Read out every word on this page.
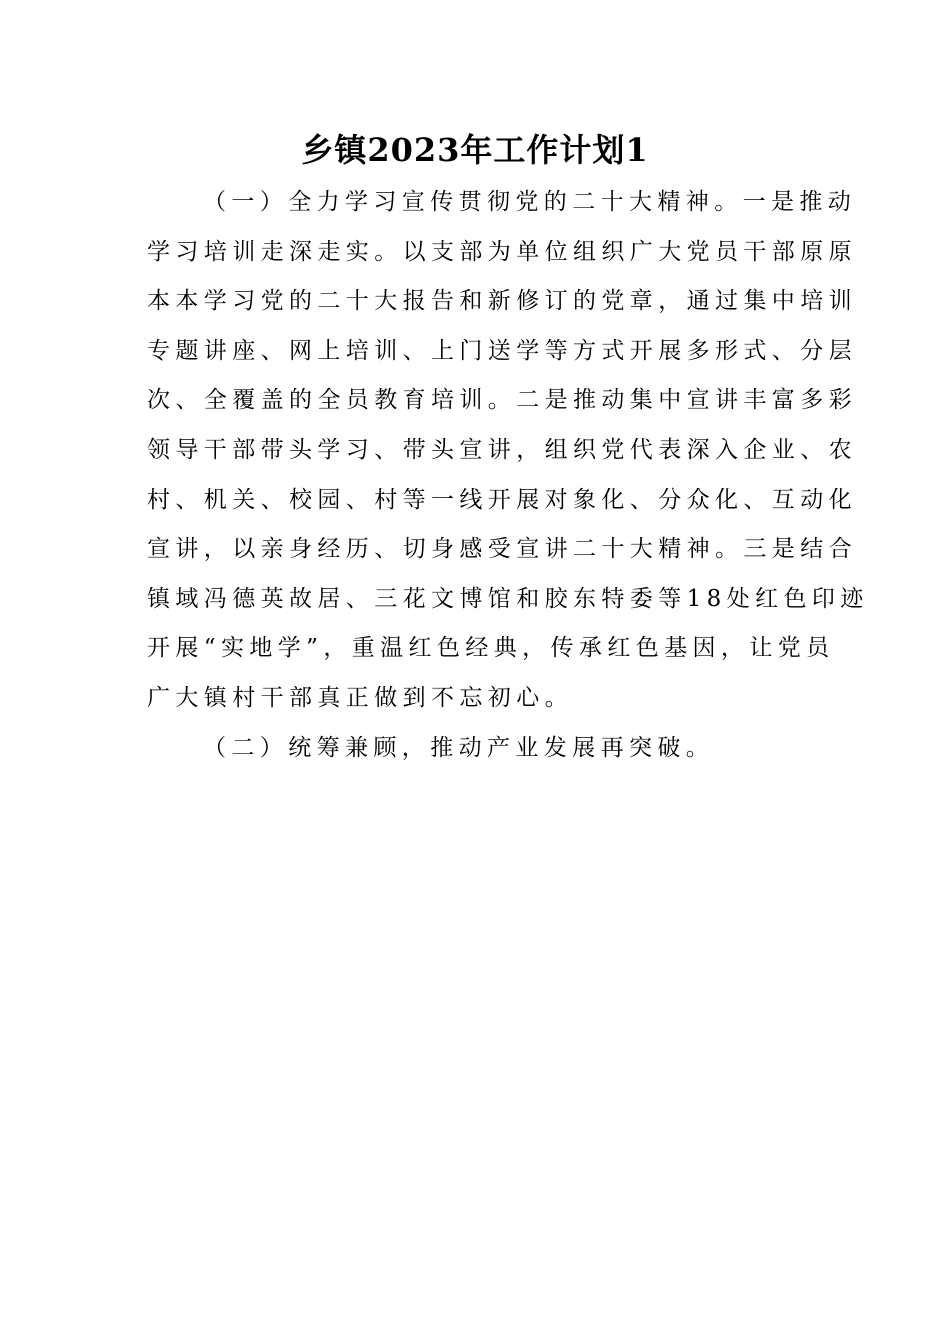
乡镇2023年工作计划1

（一）全力学习宣传贯彻党的二十大精神。一是推动
学习培训走深走实。以支部为单位组织广大党员干部原原
本本学习党的二十大报告和新修订的党章，通过集中培训
专题讲座、网上培训、上门送学等方式开展多形式、分层
次、全覆盖的全员教育培训。二是推动集中宣讲丰富多彩
领导干部带头学习、带头宣讲，组织党代表深入企业、农
村、机关、校园、村等一线开展对象化、分众化、互动化
宣讲，以亲身经历、切身感受宣讲二十大精神。三是结合
镇域冯德英故居、三花文博馆和胶东特委等18处红色印迹
开展“实地学”，重温红色经典，传承红色基因，让党员
广大镇村干部真正做到不忘初心。

（二）统筹兼顾，推动产业发展再突破。
